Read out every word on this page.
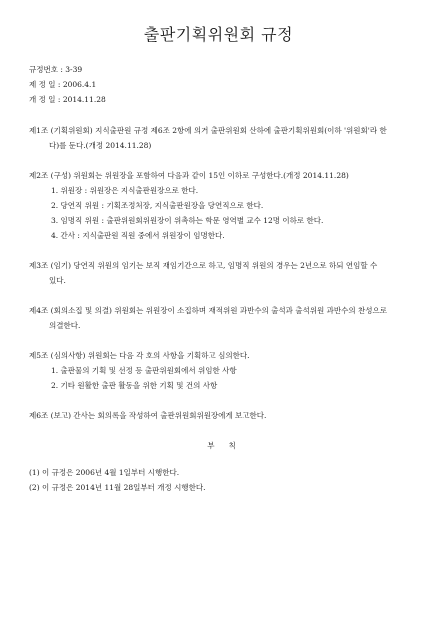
출판기획위원회 규정
규정번호 : 3-39
제 정 일 : 2006.4.1
개 정 일 : 2014.11.28

제1조 (기획위원회) 지식출판원 규정 제6조 2항에 의거 출판위원회 산하에 출판기획위원회(이하 '위원회'라 한

다)를 둔다.(개정 2014.11.28)

제2조 (구성) 위원회는 위원장을 포함하여 다음과 같이 15인 이하로 구성한다.(개정 2014.11.28)

1. 위원장 : 위원장은 지식출판원장으로 한다.
2. 당연직 위원 : 기획조정처장, 지식출판원장을 당연직으로 한다.
3. 임명직 위원 : 출판위원회위원장이 위촉하는 학문 영역별 교수 12명 이하로 한다.
4. 간사 : 지식출판원 직원 중에서 위원장이 임명한다.

제3조 (임기) 당연직 위원의 임기는 보직 재임기간으로 하고, 임명직 위원의 경우는 2년으로 하되 연임할 수

있다.

제4조 (회의소집 및 의결) 위원회는 위원장이 소집하며 재적위원 과반수의 출석과 출석위원 과반수의 찬성으로

의결한다.

제5조 (심의사항) 위원회는 다음 각 호의 사항을 기획하고 심의한다.

1. 출판물의 기획 및 선정 등 출판위원회에서 위임한 사항
2. 기타 원활한 출판 활동을 위한 기획 및 건의 사항

제6조 (보고) 간사는 회의록을 작성하여 출판위원회위원장에게 보고한다.

부칙
(1) 이 규정은 2006년 4월 1일부터 시행한다.
(2) 이 규정은 2014년 11월 28일부터 개정 시행한다.
